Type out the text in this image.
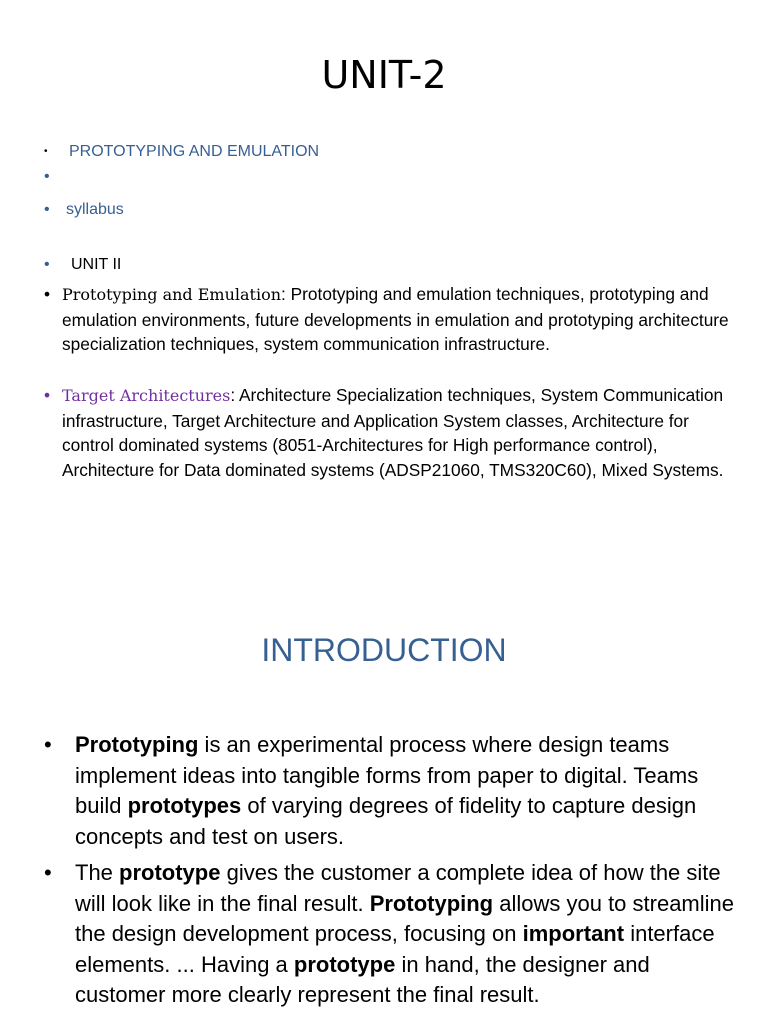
UNIT-2
•	PROTOTYPING AND EMULATION
•
•	syllabus
•	UNIT II
• Prototyping and Emulation: Prototyping and emulation techniques, prototyping and emulation environments, future developments in emulation and prototyping architecture specialization techniques, system communication infrastructure.
• Target Architectures: Architecture Specialization techniques, System Communication infrastructure, Target Architecture and Application System classes, Architecture for control dominated systems (8051-Architectures for High performance control), Architecture for Data dominated systems (ADSP21060, TMS320C60), Mixed Systems.
INTRODUCTION
•	Prototyping is an experimental process where design teams implement ideas into tangible forms from paper to digital. Teams build prototypes of varying degrees of fidelity to capture design concepts and test on users.
•	The prototype gives the customer a complete idea of how the site will look like in the final result. Prototyping allows you to streamline the design development process, focusing on important interface elements. ... Having a prototype in hand, the designer and customer more clearly represent the final result.
